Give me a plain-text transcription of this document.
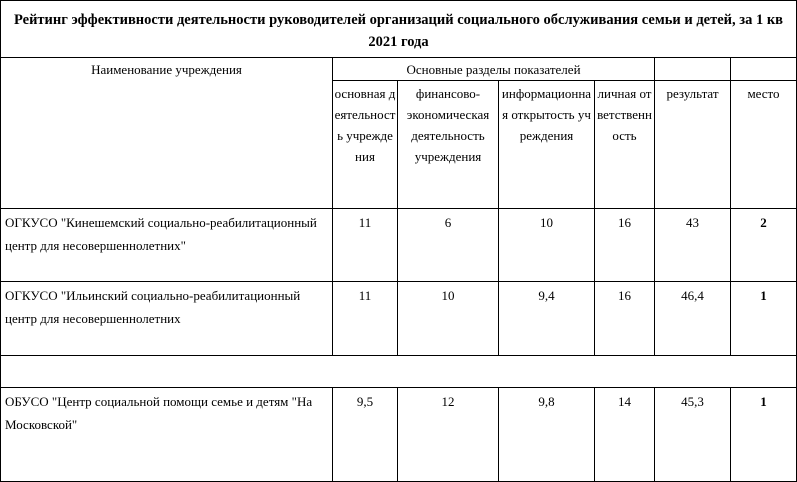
Рейтинг эффективности деятельности руководителей организаций социального обслуживания семьи и детей, за 1 кв 2021 года						
Наименование учреждения	Основные разделы показателей					
	основная деятельность учреждения	финансово-экономическая деятельность учреждения	информационная открытость учреждения	личная ответственность	результат	место
ОГКУСО "Кинешемский социально-реабилитационный центр для несовершеннолетних"	11	6	10	16	43	2
ОГКУСО "Ильинский социально-реабилитационный центр для несовершеннолетних	11	10	9,4	16	46,4	1

ОБУСО "Центр социальной помощи семье и детям "На Московской"	9,5	12	9,8	14	45,3	1
